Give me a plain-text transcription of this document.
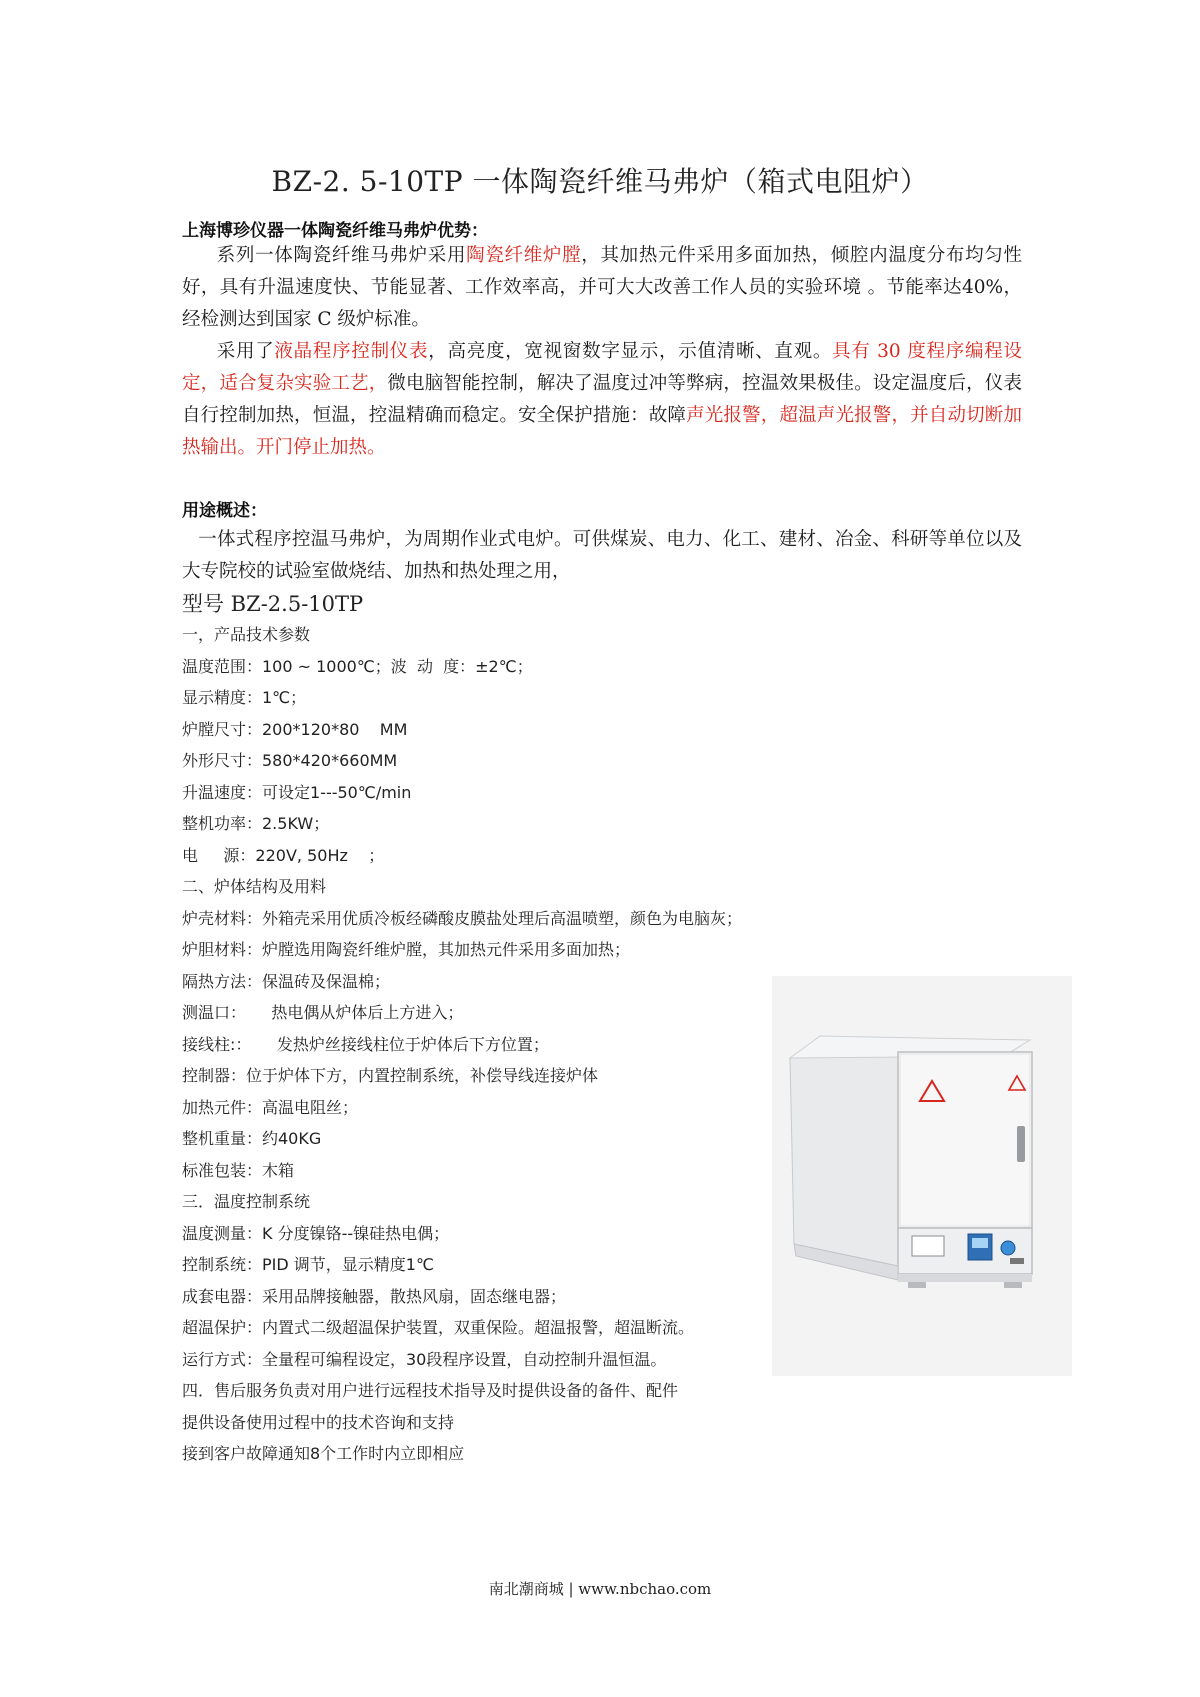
BZ-2. 5-10TP 一体陶瓷纤维马弗炉（箱式电阻炉）
上海博珍仪器一体陶瓷纤维马弗炉优势：

系列一体陶瓷纤维马弗炉采用陶瓷纤维炉膛，其加热元件采用多面加热，倾腔内温度分布均匀性好，具有升温速度快、节能显著、工作效率高，并可大大改善工作人员的实验环境 。节能率达40%，经检测达到国家 C 级炉标准。

采用了液晶程序控制仪表，高亮度，宽视窗数字显示，示值清晰、直观。具有 30 度程序编程设定，适合复杂实验工艺，微电脑智能控制，解决了温度过冲等弊病，控温效果极佳。设定温度后，仪表自行控制加热，恒温，控温精确而稳定。安全保护措施：故障声光报警，超温声光报警，并自动切断加热输出。开门停止加热。

用途概述：

一体式程序控温马弗炉，为周期作业式电炉。可供煤炭、电力、化工、建材、冶金、科研等单位以及大专院校的试验室做烧结、加热和热处理之用，

型号 BZ-2.5-10TP
一，产品技术参数
温度范围：100 ~ 1000℃；波  动  度：±2℃；
显示精度：1℃；
炉膛尺寸：200*120*80    MM
外形尺寸：580*420*660MM
升温速度：可设定1---50℃/min
整机功率：2.5KW；
电     源：220V, 50Hz    ；
二、炉体结构及用料
炉壳材料：外箱壳采用优质冷板经磷酸皮膜盐处理后高温喷塑，颜色为电脑灰；
炉胆材料：炉膛选用陶瓷纤维炉膛，其加热元件采用多面加热；
隔热方法：保温砖及保温棉；
测温口：     热电偶从炉体后上方进入；
接线柱:：     发热炉丝接线柱位于炉体后下方位置；
控制器：位于炉体下方，内置控制系统，补偿导线连接炉体
加热元件：高温电阻丝；
整机重量：约40KG
标准包装：木箱
三．温度控制系统
温度测量：K 分度镍铬--镍硅热电偶；
控制系统：PID 调节，显示精度1℃
成套电器：采用品牌接触器，散热风扇，固态继电器；
超温保护：内置式二级超温保护装置，双重保险。超温报警，超温断流。
运行方式：全量程可编程设定，30段程序设置，自动控制升温恒温。
四．售后服务负责对用户进行远程技术指导及时提供设备的备件、配件
提供设备使用过程中的技术咨询和支持
接到客户故障通知8个工作时内立即相应
南北潮商城 | www.nbchao.com
